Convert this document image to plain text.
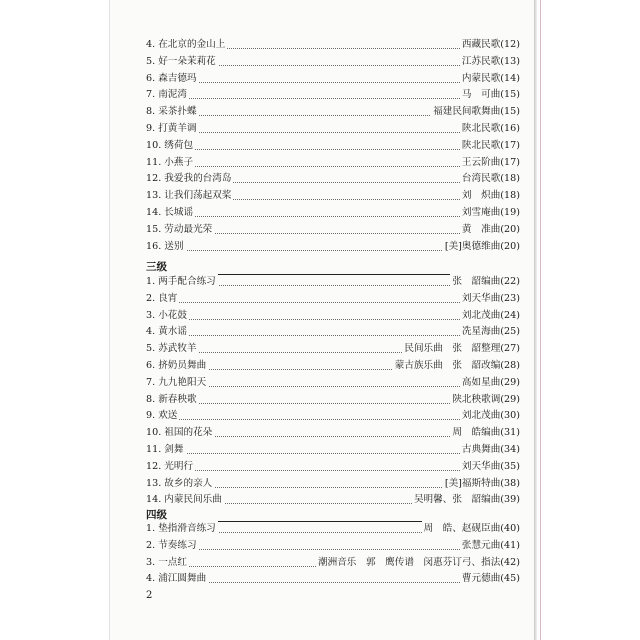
4. 在北京的金山上	西藏民歌(12)
5. 好一朵茉莉花	江苏民歌(13)
6. 森吉德玛	内蒙民歌(14)
7. 南泥湾	马　可曲(15)
8. 采茶扑蝶	福建民间歌舞曲(15)
9. 打黄羊调	陕北民歌(16)
10. 绣荷包	陕北民歌(17)
11. 小燕子	王云阶曲(17)
12. 我爱我的台湾岛	台湾民歌(18)
13. 让我们荡起双桨	刘　炽曲(18)
14. 长城谣	刘雪庵曲(19)
15. 劳动最光荣	黄　准曲(20)
16. 送别	[美]奥德维曲(20)
三级
1. 两手配合练习	张　韶编曲(22)
2. 良宵	刘天华曲(23)
3. 小花鼓	刘北茂曲(24)
4. 黄水谣	冼星海曲(25)
5. 苏武牧羊	民间乐曲　张　韶整理(27)
6. 挤奶员舞曲	蒙古族乐曲　张　韶改编(28)
7. 九九艳阳天	高如星曲(29)
8. 新春秧歌	陕北秧歌调(29)
9. 欢送	刘北茂曲(30)
10. 祖国的花朵	周　皓编曲(31)
11. 剑舞	古典舞曲(34)
12. 光明行	刘天华曲(35)
13. 故乡的亲人	[美]福斯特曲(38)
14. 内蒙民间乐曲	吴明馨、张　韶编曲(39)
四级
1. 垫指滑音练习	周　皓、赵砚臣曲(40)
2. 节奏练习	张慧元曲(41)
3. 一点红	潮洲音乐　郭　鹰传谱　闵惠芬订弓、指法(42)
4. 浦江圆舞曲	曹元德曲(45)
2
